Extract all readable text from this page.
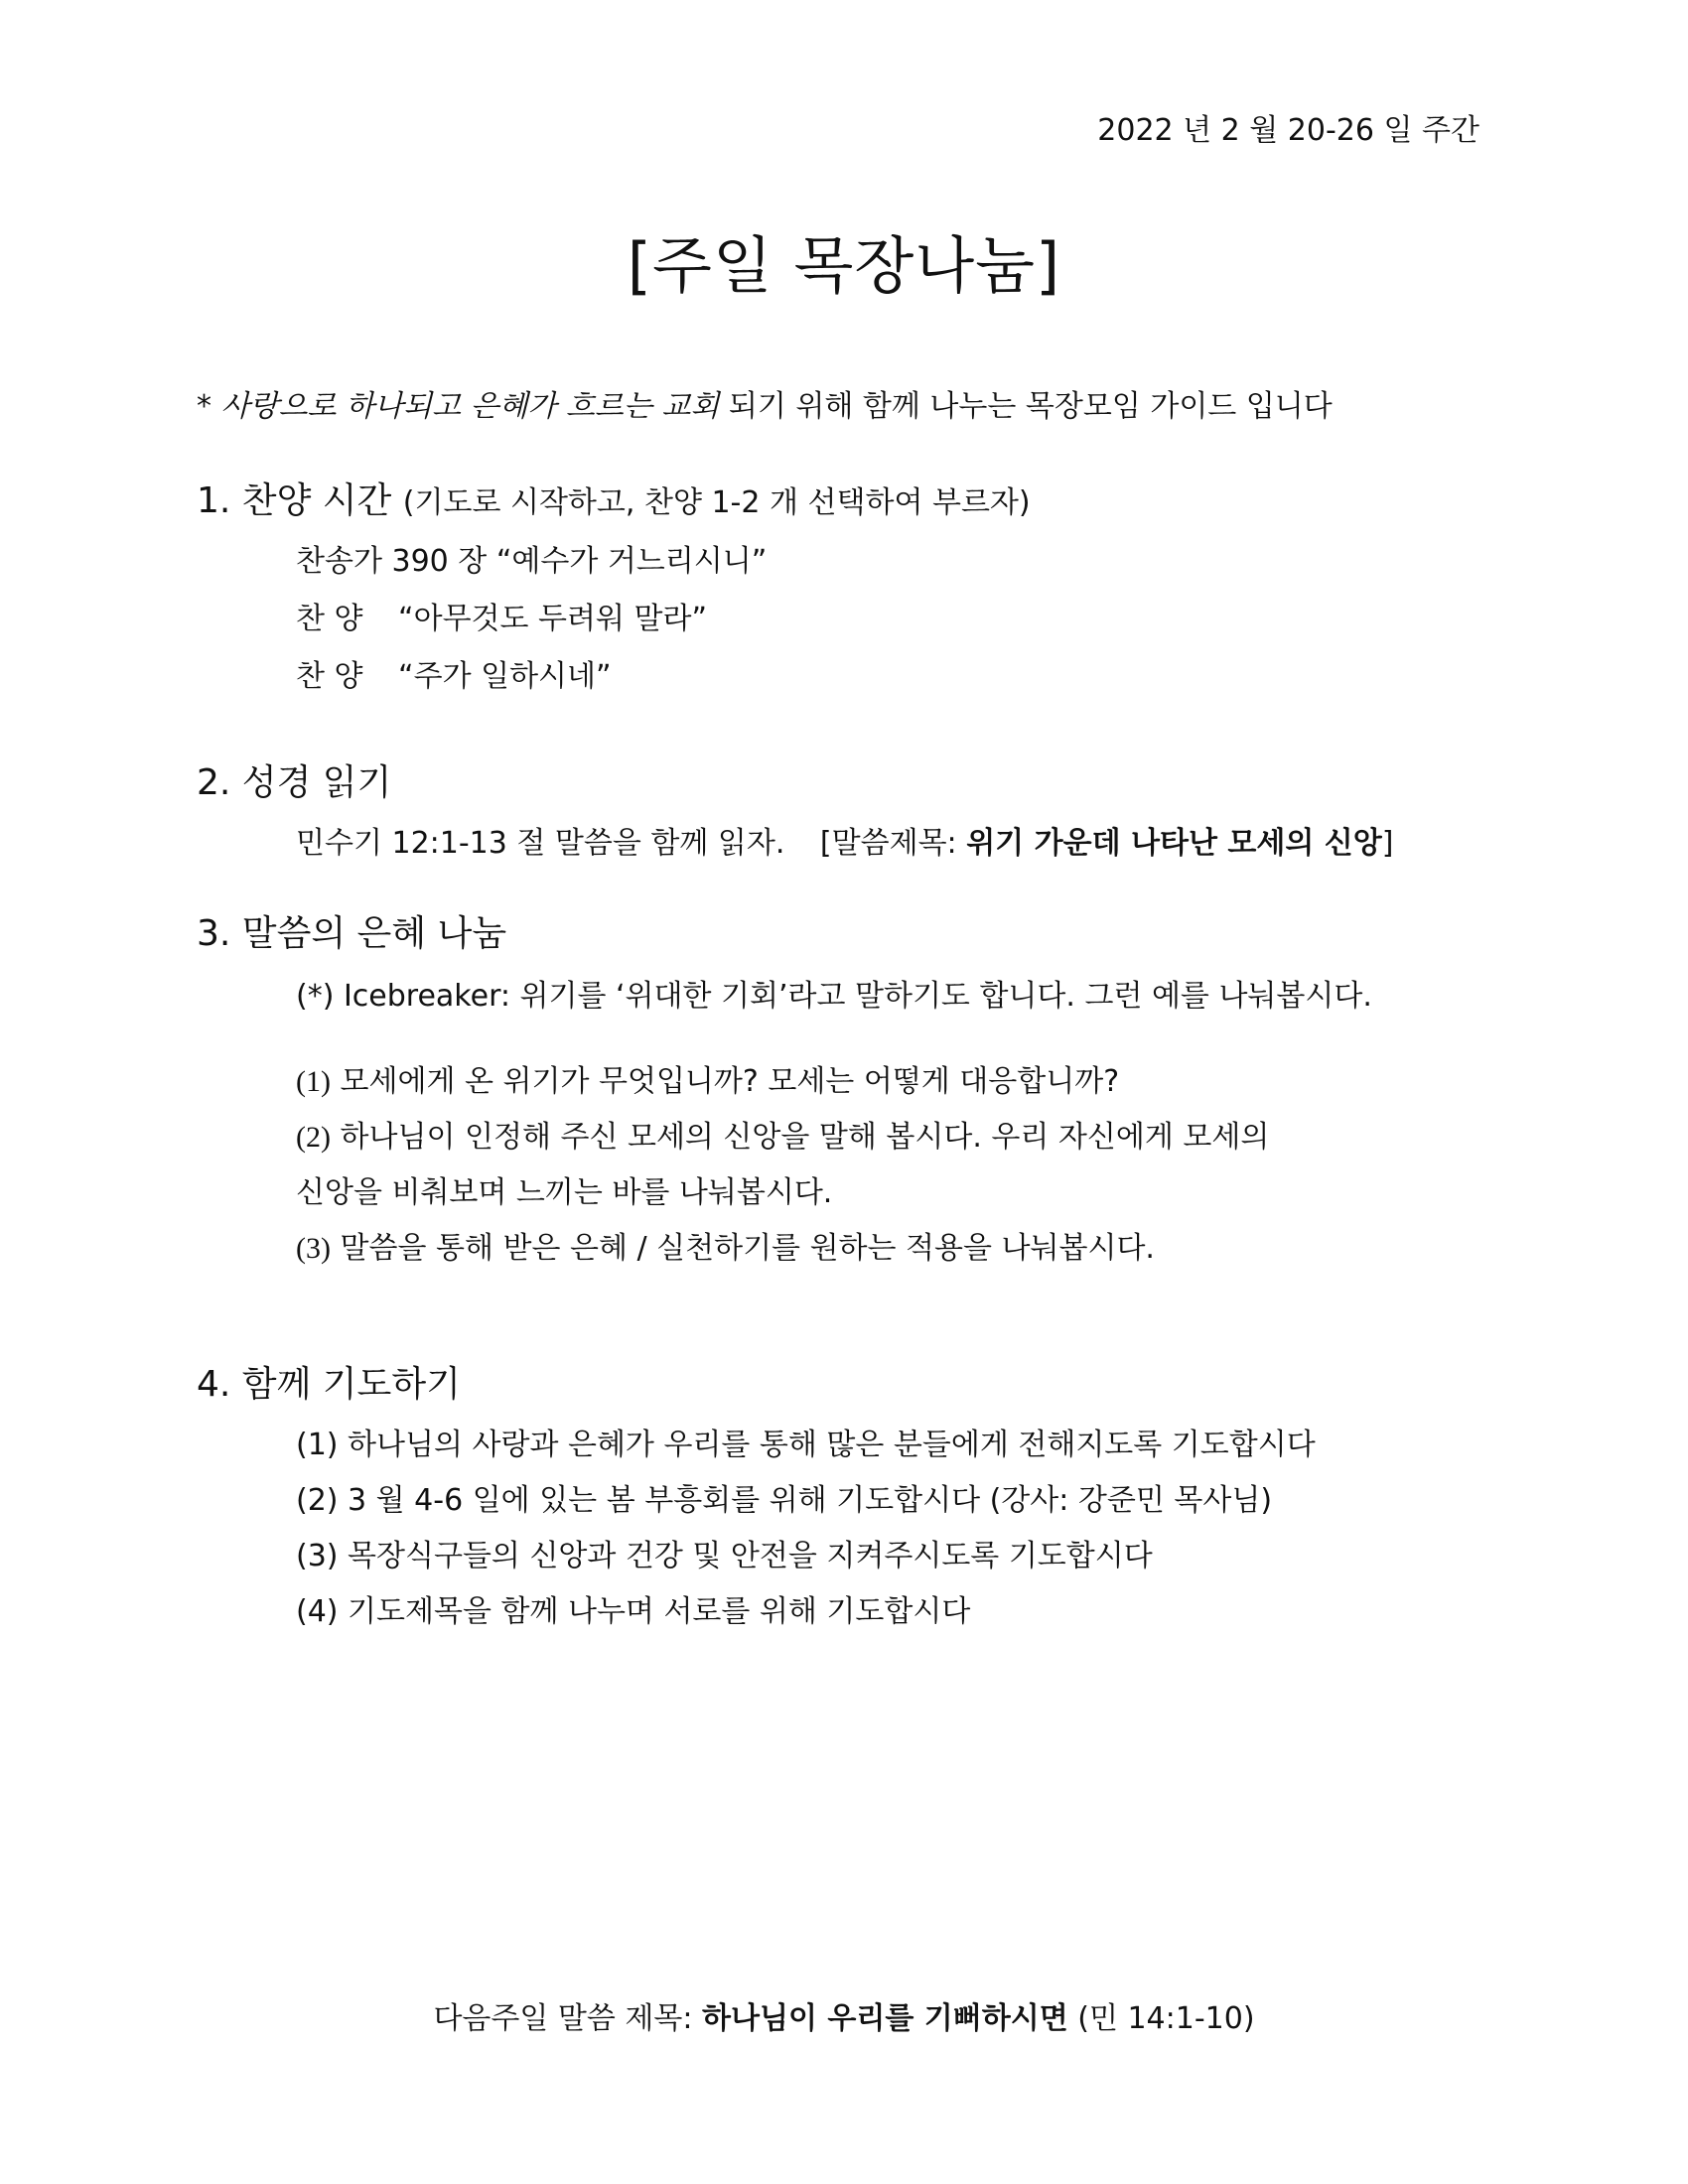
2022 년 2 월 20-26 일 주간
[주일 목장나눔]
* 사랑으로 하나되고 은혜가 흐르는 교회 되기 위해 함께 나누는 목장모임 가이드 입니다
1. 찬양 시간 (기도로 시작하고, 찬양 1-2 개 선택하여 부르자)
찬송가 390 장 “예수가 거느리시니”
찬 양 “아무것도 두려워 말라”
찬 양 “주가 일하시네”
2. 성경 읽기
민수기 12:1-13 절 말씀을 함께 읽자. [말씀제목: 위기 가운데 나타난 모세의 신앙]
3. 말씀의 은혜 나눔
(*) Icebreaker: 위기를 ‘위대한 기회’라고 말하기도 합니다. 그런 예를 나눠봅시다.
(1) 모세에게 온 위기가 무엇입니까? 모세는 어떻게 대응합니까?
(2) 하나님이 인정해 주신 모세의 신앙을 말해 봅시다. 우리 자신에게 모세의
신앙을 비춰보며 느끼는 바를 나눠봅시다.
(3) 말씀을 통해 받은 은혜 / 실천하기를 원하는 적용을 나눠봅시다.
4. 함께 기도하기
(1) 하나님의 사랑과 은혜가 우리를 통해 많은 분들에게 전해지도록 기도합시다
(2) 3 월 4-6 일에 있는 봄 부흥회를 위해 기도합시다 (강사: 강준민 목사님)
(3) 목장식구들의 신앙과 건강 및 안전을 지켜주시도록 기도합시다
(4) 기도제목을 함께 나누며 서로를 위해 기도합시다
다음주일 말씀 제목: 하나님이 우리를 기뻐하시면 (민 14:1-10)
